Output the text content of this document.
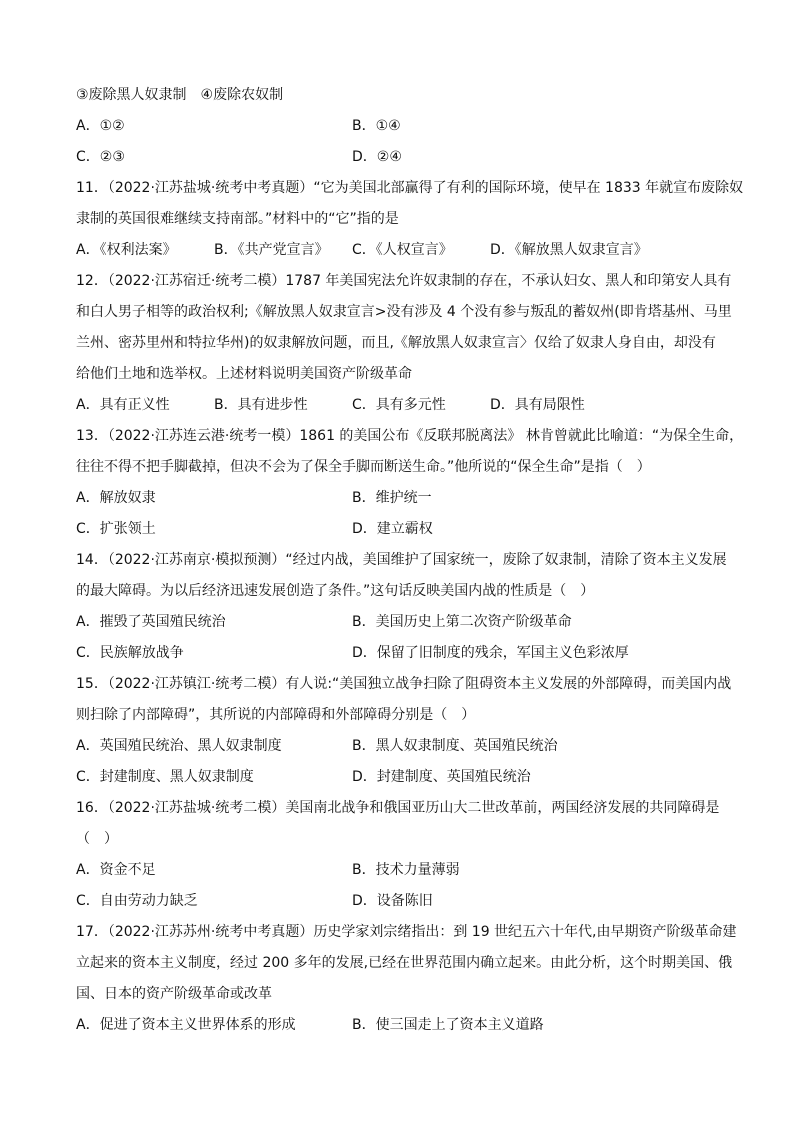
③废除黑人奴隶制　④废除农奴制
A．①②	B．①④
C．②③	D．②④
11．（2022·江苏盐城·统考中考真题）“它为美国北部赢得了有利的国际环境，使早在 1833 年就宣布废除奴
隶制的英国很难继续支持南部。”材料中的“它”指的是
A．《权利法案》	B．《共产党宣言》	C．《人权宣言》	D．《解放黑人奴隶宣言》
12．（2022·江苏宿迁·统考二模）1787 年美国宪法允许奴隶制的存在，不承认妇女、黑人和印第安人具有
和白人男子相等的政治权利;《解放黑人奴隶宣言>没有涉及 4 个没有参与叛乱的蓄奴州(即肯塔基州、马里
兰州、密苏里州和特拉华州)的奴隶解放问题，而且,《解放黑人奴隶宣言〉仅给了奴隶人身自由，却没有
给他们土地和选举权。上述材料说明美国资产阶级革命
A．具有正义性	B．具有进步性	C．具有多元性	D．具有局限性
13．（2022·江苏连云港·统考一模）1861 的美国公布《反联邦脱离法》 林肯曾就此比喻道：“为保全生命，
往往不得不把手脚截掉，但决不会为了保全手脚而断送生命。”他所说的“保全生命”是指（　）
A．解放奴隶	B．维护统一
C．扩张领土	D．建立霸权
14．（2022·江苏南京·模拟预测）“经过内战，美国维护了国家统一，废除了奴隶制，清除了资本主义发展
的最大障碍。为以后经济迅速发展创造了条件。”这句话反映美国内战的性质是（　）
A．摧毁了英国殖民统治	B．美国历史上第二次资产阶级革命
C．民族解放战争	D．保留了旧制度的残余，军国主义色彩浓厚
15．（2022·江苏镇江·统考二模）有人说:“美国独立战争扫除了阻碍资本主义发展的外部障碍，而美国内战
则扫除了内部障碍”，其所说的内部障碍和外部障碍分别是（　）
A．英国殖民统治、黑人奴隶制度	B．黑人奴隶制度、英国殖民统治
C．封建制度、黑人奴隶制度	D．封建制度、英国殖民统治
16．（2022·江苏盐城·统考二模）美国南北战争和俄国亚历山大二世改革前，两国经济发展的共同障碍是
（　）
A．资金不足	B．技术力量薄弱
C．自由劳动力缺乏	D．设备陈旧
17．（2022·江苏苏州·统考中考真题）历史学家刘宗绪指出：到 19 世纪五六十年代,由早期资产阶级革命建
立起来的资本主义制度，经过 200 多年的发展,已经在世界范围内确立起来。由此分析，这个时期美国、俄
国、日本的资产阶级革命或改革
A．促进了资本主义世界体系的形成	B．使三国走上了资本主义道路
